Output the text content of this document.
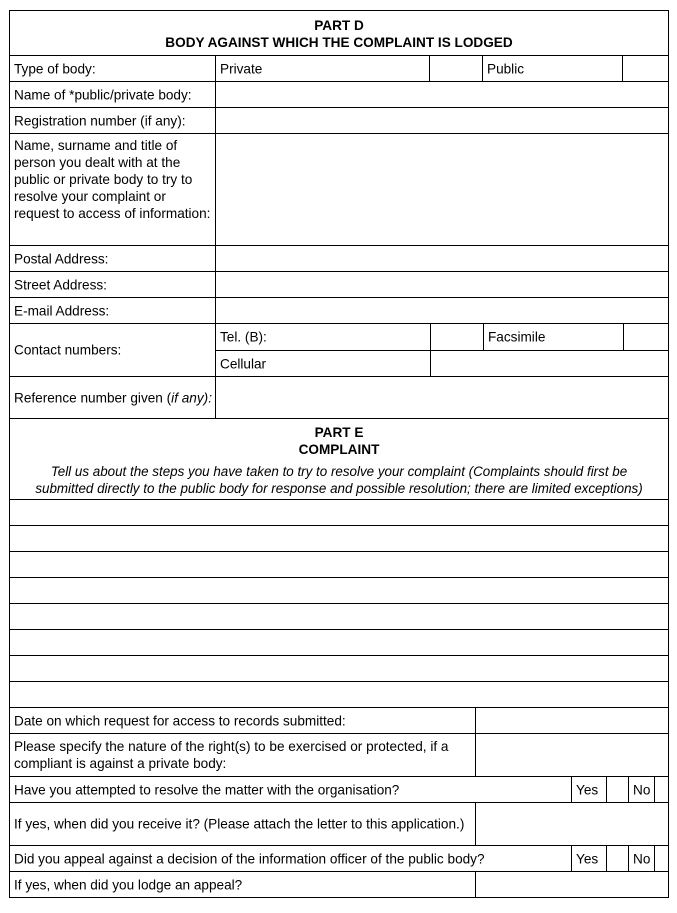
PART D
BODY AGAINST WHICH THE COMPLAINT IS LODGED
Type of body:	Private	Public
Name of *public/private body:
Registration number (if any):
Name, surname and title of person you dealt with at the public or private body to try to resolve your complaint or request to access of information:
Postal Address:
Street Address:
E-mail Address:
Contact numbers:
Tel. (B):	Facsimile
Cellular
Reference number given (if any):
PART E
COMPLAINT
Tell us about the steps you have taken to try to resolve your complaint (Complaints should first be
submitted directly to the public body for response and possible resolution; there are limited exceptions)
Date on which request for access to records submitted:
Please specify the nature of the right(s) to be exercised or protected, if a compliant is against a private body:
Have you attempted to resolve the matter with the organisation?	Yes	No
If yes, when did you receive it? (Please attach the letter to this application.)
Did you appeal against a decision of the information officer of the public body?	Yes	No
If yes, when did you lodge an appeal?
